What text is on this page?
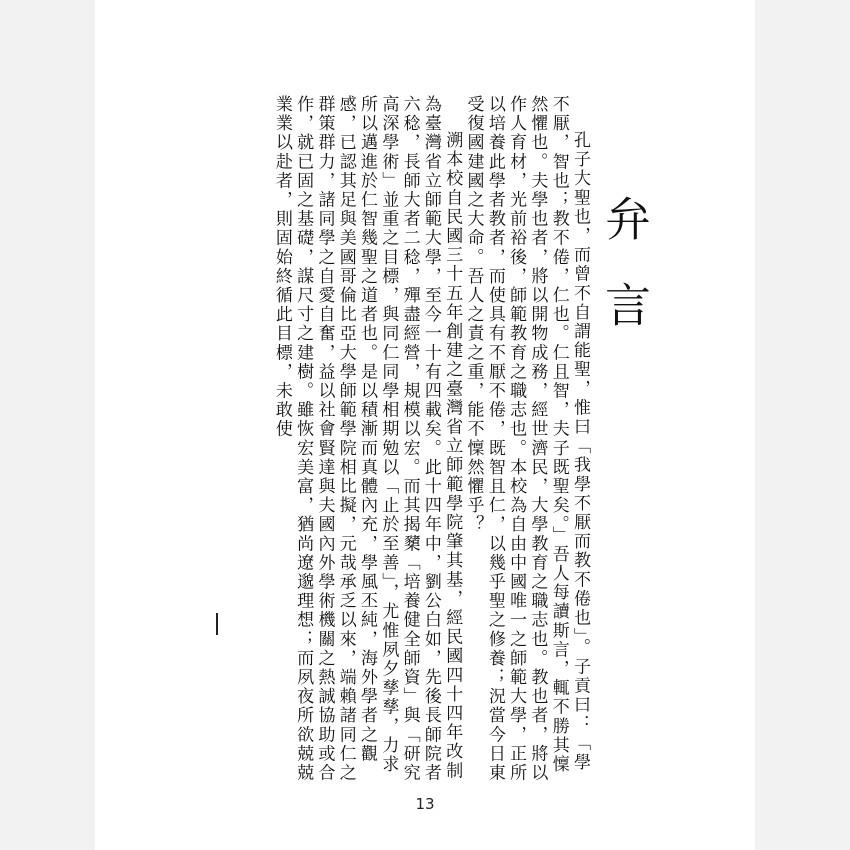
弁言

孔子大聖也，而曾不自謂能聖，惟曰「我學不厭而教不倦也」。子貢曰：「學不厭，智也；教不倦，仁也。仁且智，夫子既聖矣。」吾人每讀斯言，輒不勝其懍然懼也。夫學也者，將以開物成務，經世濟民，大學教育之職志也。教也者，將以作人育材，光前裕後，師範教育之職志也。本校為自由中國唯一之師範大學，正所以培養此學者教者，而使具有不厭不倦，既智且仁，以幾乎聖之修養；況當今日東受復國建國之大命。吾人之責之重，能不懍然懼乎？

溯本校自民國三十五年創建之臺灣省立師範學院肇其基，經民國四十四年改制為臺灣省立師範大學，至今一十有四載矣。此十四年中，劉公白如，先後長師院者六稔，長師大者二稔，殫盡經營，規模以宏。而其揭櫫「培養健全師資」與「研究高深學術」並重之目標，與同仁同學相期勉以「止於至善」，尤惟夙夕孳孳，力求所以邁進於仁智幾聖之道者也。是以積漸而真體內充，學風丕純，海外學者之觀感，已認其足與美國哥倫比亞大學師範學院相比擬，元哉承乏以來，端賴諸同仁之群策群力，諸同學之自愛自奮，益以社會賢達與夫國內外學術機關之熱誠協助或合作，就已固之基礎，謀尺寸之建樹。雖恢宏美富，猶尚遼邈理想；而夙夜所欲兢兢業業以赴者，則固始終循此目標，未敢使

13
